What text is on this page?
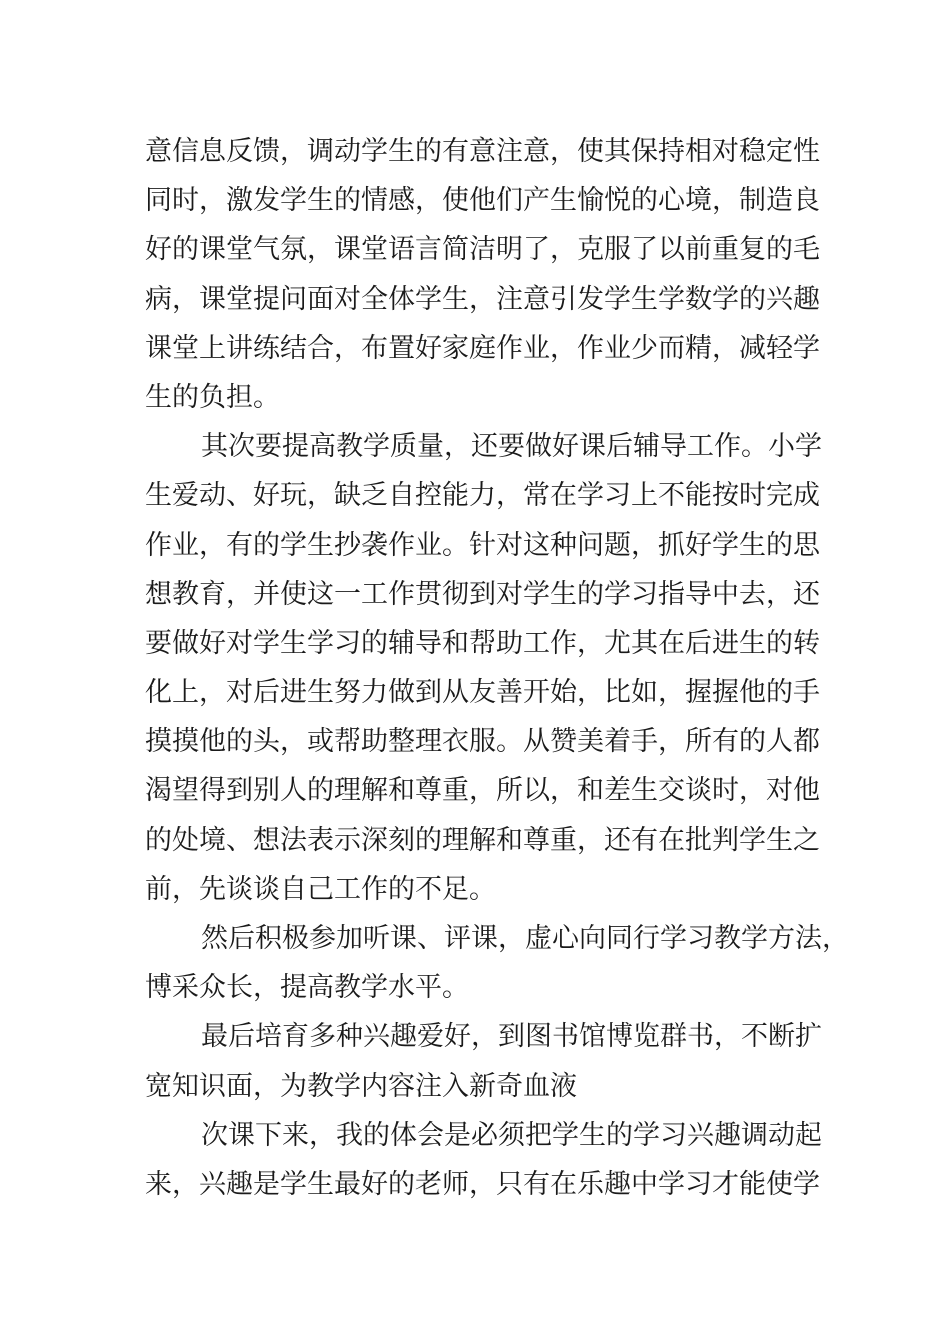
意信息反馈，调动学生的有意注意，使其保持相对稳定性
同时，激发学生的情感，使他们产生愉悦的心境，制造良
好的课堂气氛，课堂语言简洁明了，克服了以前重复的毛
病，课堂提问面对全体学生，注意引发学生学数学的兴趣
课堂上讲练结合，布置好家庭作业，作业少而精，减轻学
生的负担。
其次要提高教学质量，还要做好课后辅导工作。小学
生爱动、好玩，缺乏自控能力，常在学习上不能按时完成
作业，有的学生抄袭作业。针对这种问题，抓好学生的思
想教育，并使这一工作贯彻到对学生的学习指导中去，还
要做好对学生学习的辅导和帮助工作，尤其在后进生的转
化上，对后进生努力做到从友善开始，比如，握握他的手
摸摸他的头，或帮助整理衣服。从赞美着手，所有的人都
渴望得到别人的理解和尊重，所以，和差生交谈时，对他
的处境、想法表示深刻的理解和尊重，还有在批判学生之
前，先谈谈自己工作的不足。
然后积极参加听课、评课，虚心向同行学习教学方法，
博采众长，提高教学水平。
最后培育多种兴趣爱好，到图书馆博览群书，不断扩
宽知识面，为教学内容注入新奇血液
次课下来，我的体会是必须把学生的学习兴趣调动起
来，兴趣是学生最好的老师，只有在乐趣中学习才能使学
